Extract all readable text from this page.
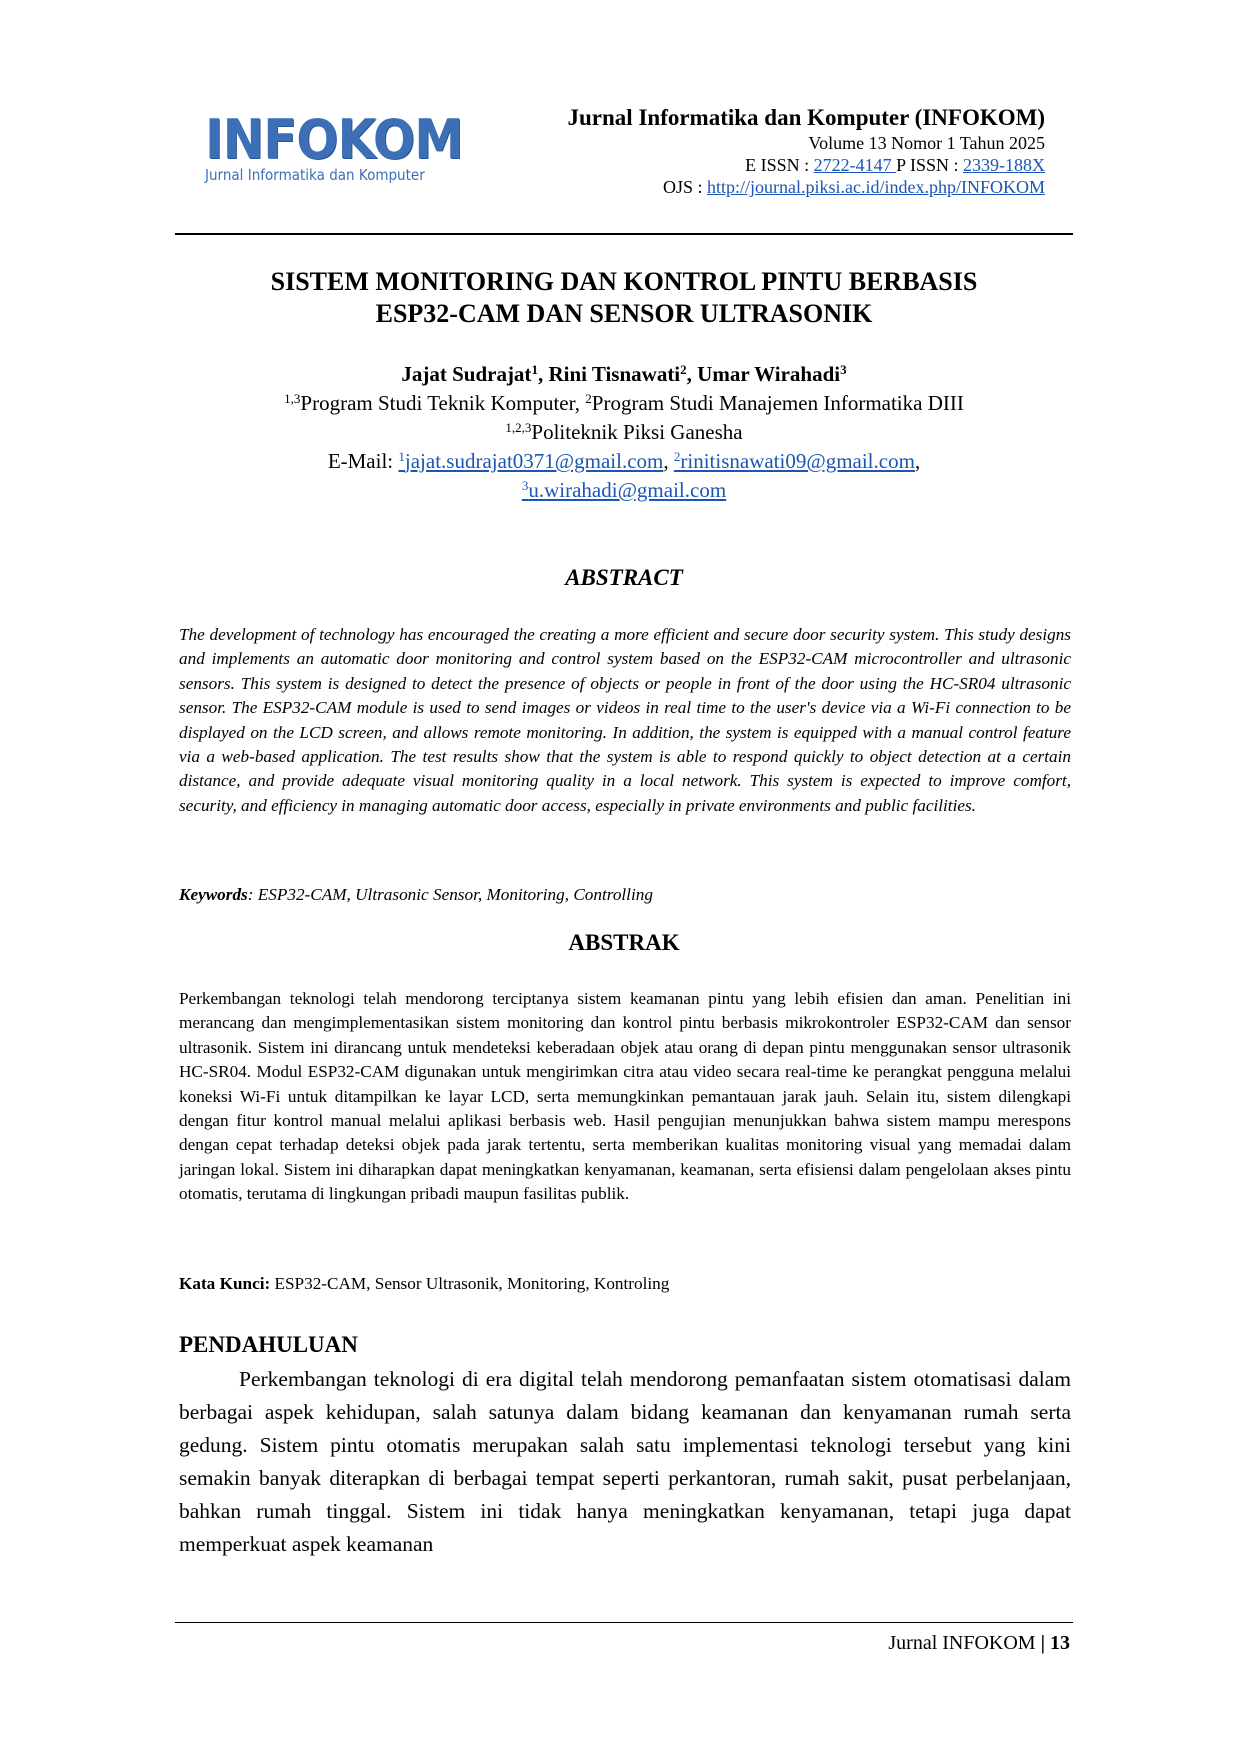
INFOKOM
Jurnal Informatika dan Komputer
Jurnal Informatika dan Komputer (INFOKOM)
Volume 13 Nomor 1 Tahun 2025
E ISSN : 2722-4147 P ISSN : 2339-188X
OJS : http://journal.piksi.ac.id/index.php/INFOKOM
SISTEM MONITORING DAN KONTROL PINTU BERBASIS
ESP32-CAM DAN SENSOR ULTRASONIK
Jajat Sudrajat$^1$, Rini Tisnawati$^2$, Umar Wirahadi$^3$
$^{1,3}$Program Studi Teknik Komputer, $^2$Program Studi Manajemen Informatika DIII
$^{1,2,3}$Politeknik Piksi Ganesha
E-Mail: $^1$jajat.sudrajat0371@gmail.com, $^2$rinitisnawati09@gmail.com,
$^3$u.wirahadi@gmail.com
ABSTRACT
The development of technology has encouraged the creating a more efficient and secure door security system. This study designs and implements an automatic door monitoring and control system based on the ESP32-CAM microcontroller and ultrasonic sensors. This system is designed to detect the presence of objects or people in front of the door using the HC-SR04 ultrasonic sensor. The ESP32-CAM module is used to send images or videos in real time to the user's device via a Wi-Fi connection to be displayed on the LCD screen, and allows remote monitoring. In addition, the system is equipped with a manual control feature via a web-based application. The test results show that the system is able to respond quickly to object detection at a certain distance, and provide adequate visual monitoring quality in a local network. This system is expected to improve comfort, security, and efficiency in managing automatic door access, especially in private environments and public facilities.
Keywords: ESP32-CAM, Ultrasonic Sensor, Monitoring, Controlling
ABSTRAK
Perkembangan teknologi telah mendorong terciptanya sistem keamanan pintu yang lebih efisien dan aman. Penelitian ini merancang dan mengimplementasikan sistem monitoring dan kontrol pintu berbasis mikrokontroler ESP32-CAM dan sensor ultrasonik. Sistem ini dirancang untuk mendeteksi keberadaan objek atau orang di depan pintu menggunakan sensor ultrasonik HC-SR04. Modul ESP32-CAM digunakan untuk mengirimkan citra atau video secara real-time ke perangkat pengguna melalui koneksi Wi-Fi untuk ditampilkan ke layar LCD, serta memungkinkan pemantauan jarak jauh. Selain itu, sistem dilengkapi dengan fitur kontrol manual melalui aplikasi berbasis web. Hasil pengujian menunjukkan bahwa sistem mampu merespons dengan cepat terhadap deteksi objek pada jarak tertentu, serta memberikan kualitas monitoring visual yang memadai dalam jaringan lokal. Sistem ini diharapkan dapat meningkatkan kenyamanan, keamanan, serta efisiensi dalam pengelolaan akses pintu otomatis, terutama di lingkungan pribadi maupun fasilitas publik.
Kata Kunci: ESP32-CAM, Sensor Ultrasonik, Monitoring, Kontroling
PENDAHULUAN
Perkembangan teknologi di era digital telah mendorong pemanfaatan sistem otomatisasi dalam berbagai aspek kehidupan, salah satunya dalam bidang keamanan dan kenyamanan rumah serta gedung. Sistem pintu otomatis merupakan salah satu implementasi teknologi tersebut yang kini semakin banyak diterapkan di berbagai tempat seperti perkantoran, rumah sakit, pusat perbelanjaan, bahkan rumah tinggal. Sistem ini tidak hanya meningkatkan kenyamanan, tetapi juga dapat memperkuat aspek keamanan
Jurnal INFOKOM | 13
